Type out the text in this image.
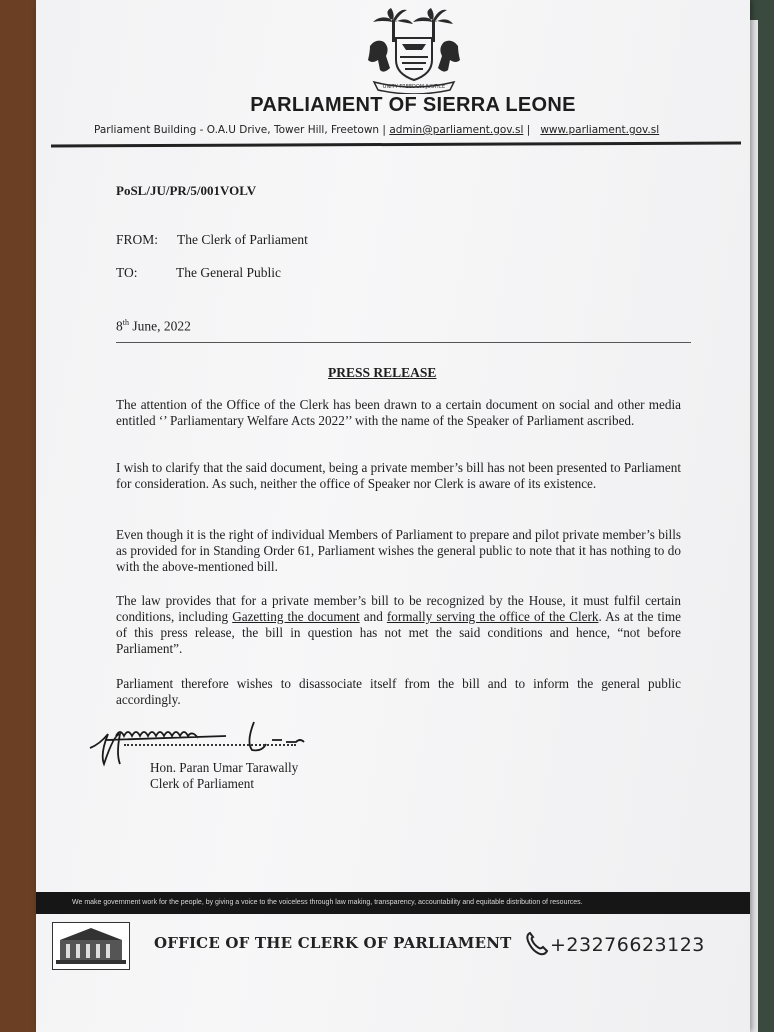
UNITY FREEDOM JUSTICE
PARLIAMENT OF SIERRA LEONE
Parliament Building - O.A.U Drive, Tower Hill, Freetown | admin@parliament.gov.sl | www.parliament.gov.sl
PoSL/JU/PR/5/001VOLV
FROM: The Clerk of Parliament
TO:	The General Public
8th June, 2022
PRESS RELEASE
The attention of the Office of the Clerk has been drawn to a certain document on social and other media entitled ‘’ Parliamentary Welfare Acts 2022’’ with the name of the Speaker of Parliament ascribed.
I wish to clarify that the said document, being a private member’s bill has not been presented to Parliament for consideration. As such, neither the office of Speaker nor Clerk is aware of its existence.
Even though it is the right of individual Members of Parliament to prepare and pilot private member’s bills as provided for in Standing Order 61, Parliament wishes the general public to note that it has nothing to do with the above-mentioned bill.
The law provides that for a private member’s bill to be recognized by the House, it must fulfil certain conditions, including Gazetting the document and formally serving the office of the Clerk. As at the time of this press release, the bill in question has not met the said conditions and hence, “not before Parliament”.
Parliament therefore wishes to disassociate itself from the bill and to inform the general public accordingly.
Hon. Paran Umar Tarawally
Clerk of Parliament
We make government work for the people, by giving a voice to the voiceless through law making, transparency, accountability and equitable distribution of resources.
OFFICE OF THE CLERK OF PARLIAMENT +23276623123
